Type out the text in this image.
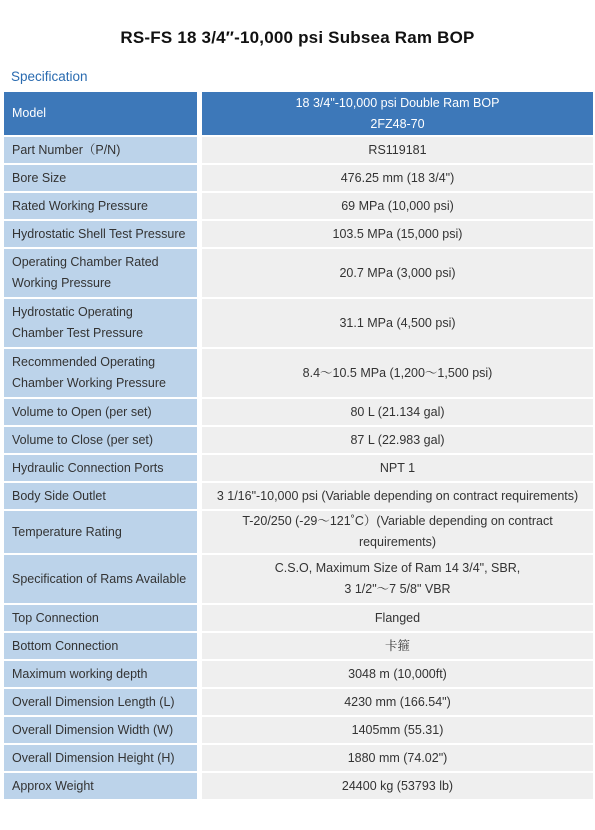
RS-FS 18 3/4″-10,000 psi Subsea Ram BOP
Specification
Model	18 3/4"-10,000 psi Double Ram BOP
2FZ48-70

Part Number（P/N)	RS119181

Bore Size	476.25 mm (18 3/4")

Rated Working Pressure	69 MPa (10,000 psi)

Hydrostatic Shell Test Pressure	103.5 MPa (15,000 psi)

Operating Chamber Rated
Working Pressure	20.7 MPa (3,000 psi)

Hydrostatic Operating
Chamber Test Pressure	31.1 MPa (4,500 psi)

Recommended Operating
Chamber Working Pressure	8.4～10.5 MPa (1,200～1,500 psi)

Volume to Open (per set)	80 L (21.134 gal)

Volume to Close (per set)	87 L (22.983 gal)

Hydraulic Connection Ports	NPT 1

Body Side Outlet	3 1/16"-10,000 psi (Variable depending on contract requirements)

Temperature Rating	T-20/250 (-29～121˚C）(Variable depending on contract requirements)

Specification of Rams Available	C.S.O, Maximum Size of Ram 14 3/4", SBR,
3 1/2"～7 5/8" VBR

Top Connection	Flanged

Bottom Connection	卡箍

Maximum working depth	3048 m (10,000ft)

Overall Dimension Length (L)	4230 mm (166.54")

Overall Dimension Width (W)	1405mm (55.31)

Overall Dimension Height (H)	1880 mm (74.02")

Approx Weight	24400 kg (53793 lb)
